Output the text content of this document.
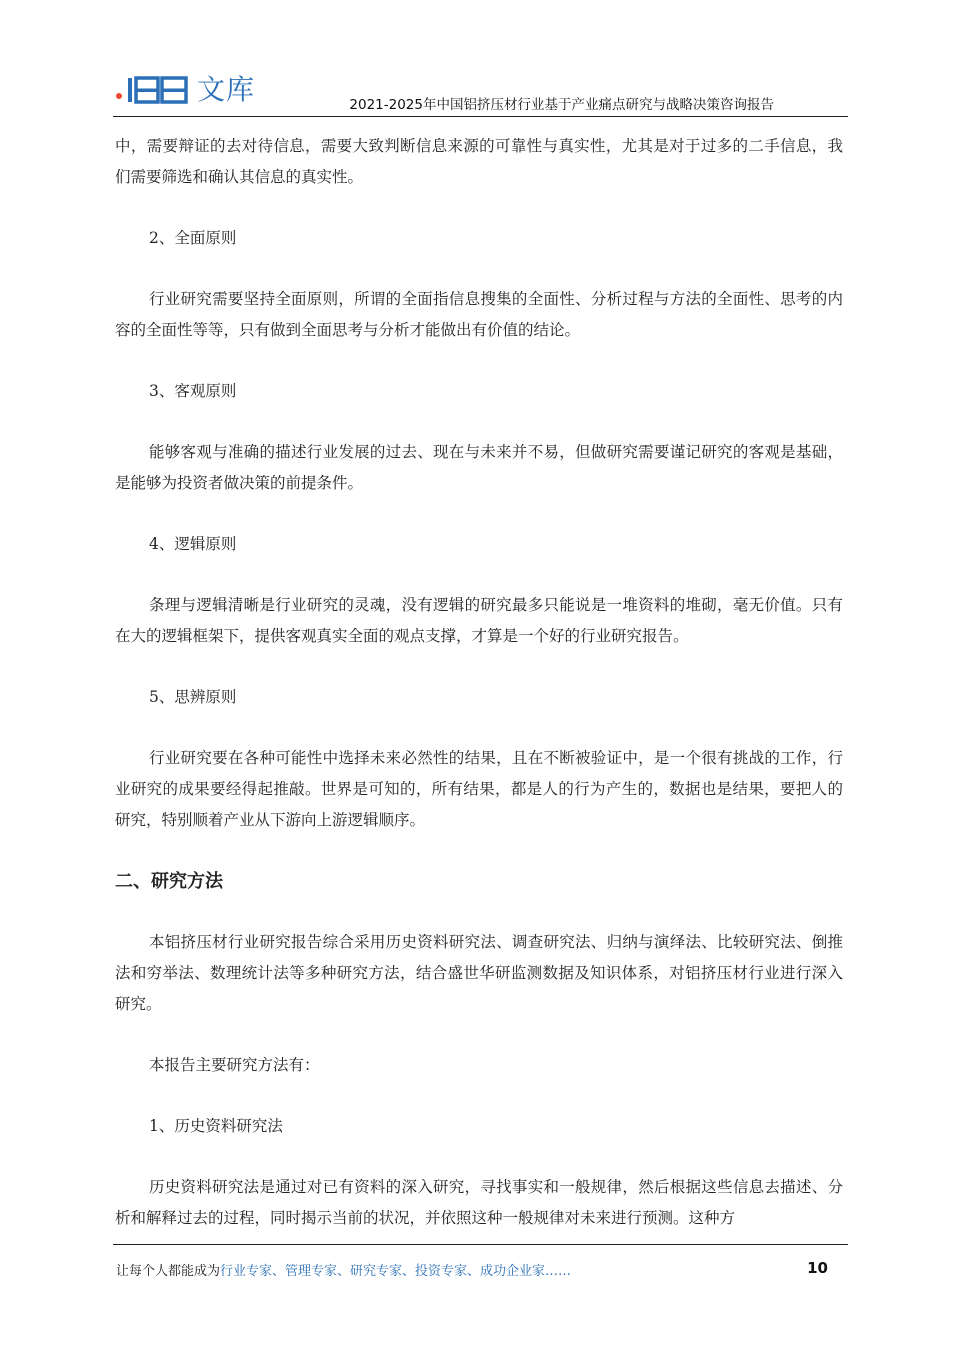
文库	2021-2025年中国铝挤压材行业基于产业痛点研究与战略决策咨询报告

中，需要辩证的去对待信息，需要大致判断信息来源的可靠性与真实性，尤其是对于过多的二手信息，我们需要筛选和确认其信息的真实性。

2、全面原则

行业研究需要坚持全面原则，所谓的全面指信息搜集的全面性、分析过程与方法的全面性、思考的内容的全面性等等，只有做到全面思考与分析才能做出有价值的结论。

3、客观原则

能够客观与准确的描述行业发展的过去、现在与未来并不易，但做研究需要谨记研究的客观是基础，是能够为投资者做决策的前提条件。

4、逻辑原则

条理与逻辑清晰是行业研究的灵魂，没有逻辑的研究最多只能说是一堆资料的堆砌，毫无价值。只有在大的逻辑框架下，提供客观真实全面的观点支撑，才算是一个好的行业研究报告。

5、思辨原则

行业研究要在各种可能性中选择未来必然性的结果，且在不断被验证中，是一个很有挑战的工作，行业研究的成果要经得起推敲。世界是可知的，所有结果，都是人的行为产生的，数据也是结果，要把人的研究，特别顺着产业从下游向上游逻辑顺序。

二、研究方法

本铝挤压材行业研究报告综合采用历史资料研究法、调查研究法、归纳与演绎法、比较研究法、倒推法和穷举法、数理统计法等多种研究方法，结合盛世华研监测数据及知识体系，对铝挤压材行业进行深入研究。

本报告主要研究方法有：

1、历史资料研究法

历史资料研究法是通过对已有资料的深入研究，寻找事实和一般规律，然后根据这些信息去描述、分析和解释过去的过程，同时揭示当前的状况，并依照这种一般规律对未来进行预测。这种方

让每个人都能成为行业专家、管理专家、研究专家、投资专家、成功企业家……	10
